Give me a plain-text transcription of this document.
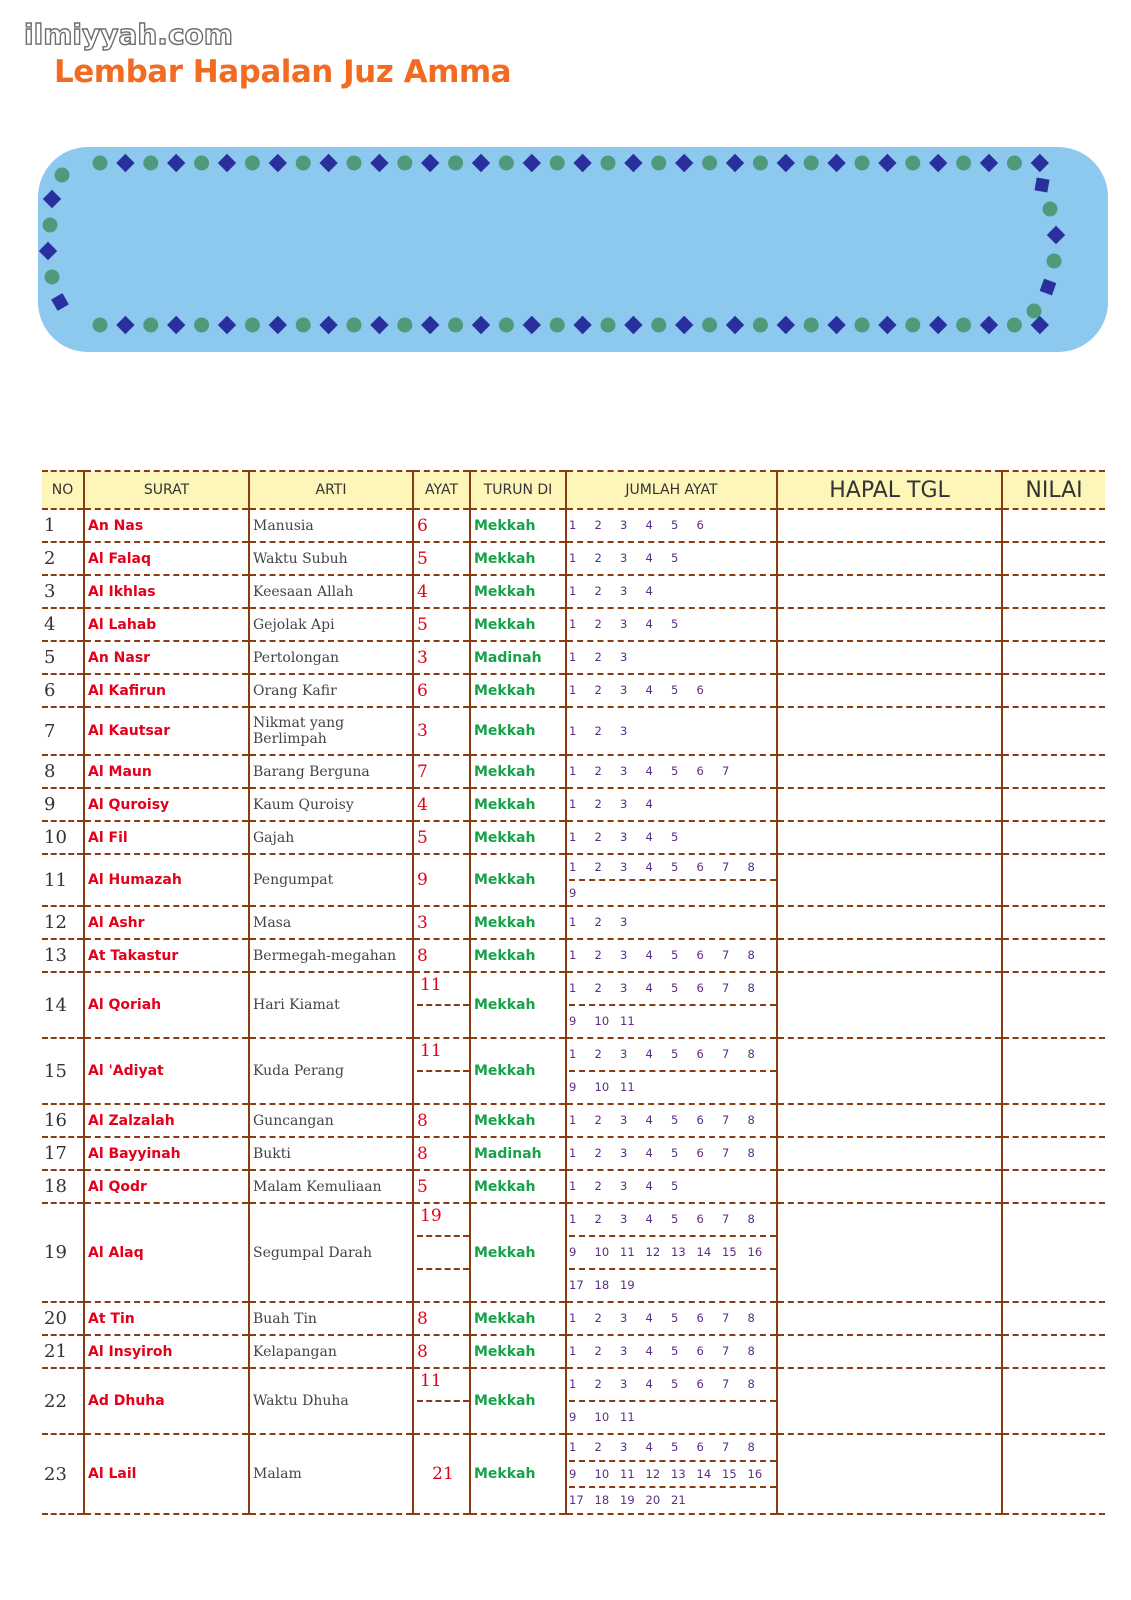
ilmiyyah.com
Lembar Hapalan Juz Amma
NO	SURAT	ARTI	AYAT	TURUN DI	JUMLAH AYAT	HAPAL TGL	NILAI
1	An Nas	Manusia	6	Mekkah	1 2 3 4 5 6		

2	Al Falaq	Waktu Subuh	5	Mekkah	1 2 3 4 5		

3	Al Ikhlas	Keesaan Allah	4	Mekkah	1 2 3 4		

4	Al Lahab	Gejolak Api	5	Mekkah	1 2 3 4 5		

5	An Nasr	Pertolongan	3	Madinah	1 2 3		

6	Al Kafirun	Orang Kafir	6	Mekkah	1 2 3 4 5 6		

7	Al Kautsar	Nikmat yang Berlimpah	3	Mekkah	1 2 3		

8	Al Maun	Barang Berguna	7	Mekkah	1 2 3 4 5 6 7		

9	Al Quroisy	Kaum Quroisy	4	Mekkah	1 2 3 4		

10	Al Fil	Gajah	5	Mekkah	1 2 3 4 5		

11	Al Humazah	Pengumpat	9	Mekkah	1 2 3 4 5 6 7 8
9		

12	Al Ashr	Masa	3	Mekkah	1 2 3		

13	At Takastur	Bermegah-megahan	8	Mekkah	1 2 3 4 5 6 7 8		

14	Al Qoriah	Hari Kiamat	11	Mekkah	1 2 3 4 5 6 7 8
9 10 11		

15	Al 'Adiyat	Kuda Perang	11	Mekkah	1 2 3 4 5 6 7 8
9 10 11		

16	Al Zalzalah	Guncangan	8	Mekkah	1 2 3 4 5 6 7 8		

17	Al Bayyinah	Bukti	8	Madinah	1 2 3 4 5 6 7 8		

18	Al Qodr	Malam Kemuliaan	5	Mekkah	1 2 3 4 5		

19	Al Alaq	Segumpal Darah	19	Mekkah	1 2 3 4 5 6 7 8
9 10 11 12 13 14 15 16
17 18 19		

20	At Tin	Buah Tin	8	Mekkah	1 2 3 4 5 6 7 8		

21	Al Insyiroh	Kelapangan	8	Mekkah	1 2 3 4 5 6 7 8		

22	Ad Dhuha	Waktu Dhuha	11	Mekkah	1 2 3 4 5 6 7 8
9 10 11		

23	Al Lail	Malam	21	Mekkah	1 2 3 4 5 6 7 8
9 10 11 12 13 14 15 16
17 18 19 20 21		
